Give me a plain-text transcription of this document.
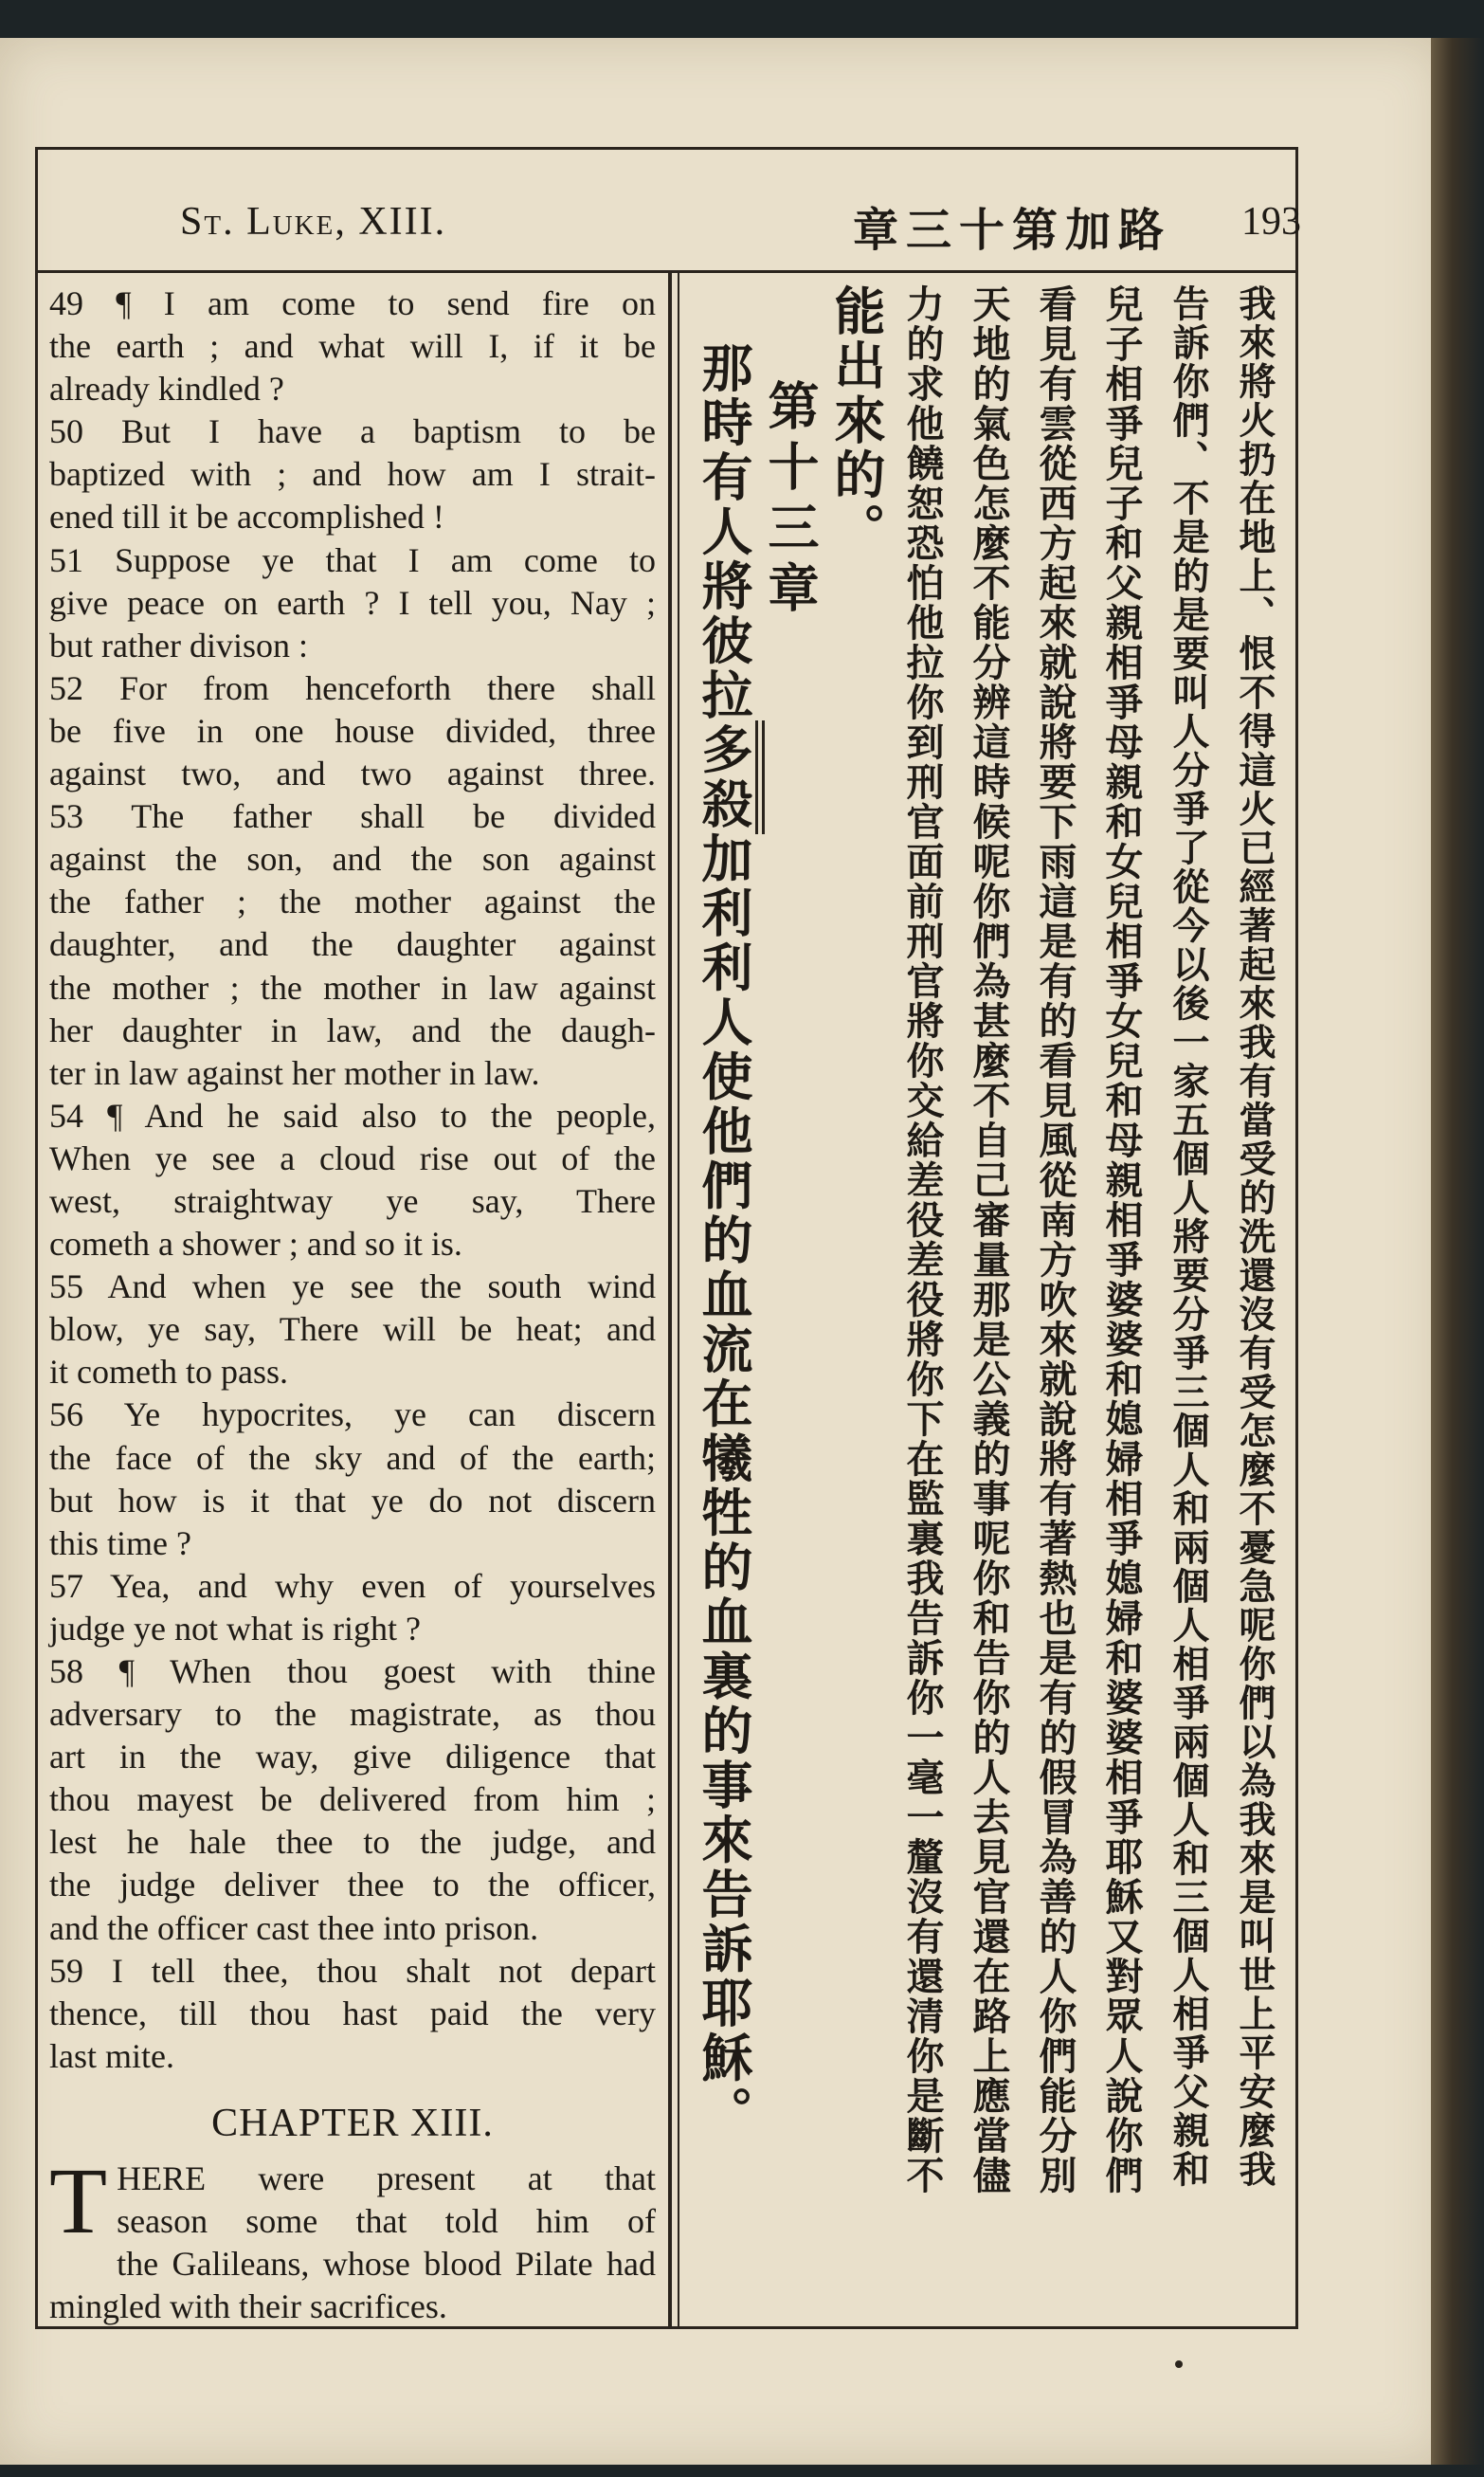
St. Luke, XIII.	章三十第加路 193
49 ¶ I am come to send fire on
the earth ; and what will I, if it be
already kindled ?
50 But I have a baptism to be
baptized with ; and how am I strait-
ened till it be accomplished !
51 Suppose ye that I am come to
give peace on earth ? I tell you, Nay ;
but rather divison :
52 For from henceforth there shall
be five in one house divided, three
against two, and two against three.
53 The father shall be divided
against the son, and the son against
the father ; the mother against the
daughter, and the daughter against
the mother ; the mother in law against
her daughter in law, and the daugh-
ter in law against her mother in law.
54 ¶ And he said also to the people,
When ye see a cloud rise out of the
west, straightway ye say, There
cometh a shower ; and so it is.
55 And when ye see the south wind
blow, ye say, There will be heat; and
it cometh to pass.
56 Ye hypocrites, ye can discern
the face of the sky and of the earth;
but how is it that ye do not discern
this time ?
57 Yea, and why even of yourselves
judge ye not what is right ?
58 ¶ When thou goest with thine
adversary to the magistrate, as thou
art in the way, give diligence that
thou mayest be delivered from him ;
lest he hale thee to the judge, and
the judge deliver thee to the officer,
and the officer cast thee into prison.
59 I tell thee, thou shalt not depart
thence, till thou hast paid the very
last mite.
CHAPTER XIII.
T HERE were present at that
season some that told him of
the Galileans, whose blood Pilate had
mingled with their sacrifices.
我來將火扔在地上、恨不得這火已經著起來我有當受的洗還沒有受怎麼不憂急呢你們以為我來是叫世上平安麼我
告訴你們、不是的是要叫人分爭了從今以後一家五個人將要分爭三個人和兩個人相爭兩個人和三個人相爭父親和
兒子相爭兒子和父親相爭母親和女兒相爭女兒和母親相爭婆婆和媳婦相爭媳婦和婆婆相爭耶穌又對眾人說你們
看見有雲從西方起來就說將要下雨這是有的看見風從南方吹來就說將有著熱也是有的假冒為善的人你們能分別
天地的氣色怎麼不能分辨這時候呢你們為甚麼不自己審量那是公義的事呢你和告你的人去見官還在路上應當儘
力的求他饒恕恐怕他拉你到刑官面前刑官將你交給差役差役將你下在監裏我告訴你一毫一釐沒有還清你是斷不
能出來的。
第十三章
那時有人將彼拉多殺加利利人使他們的血流在犧牲的血裏的事來告訴耶穌。
